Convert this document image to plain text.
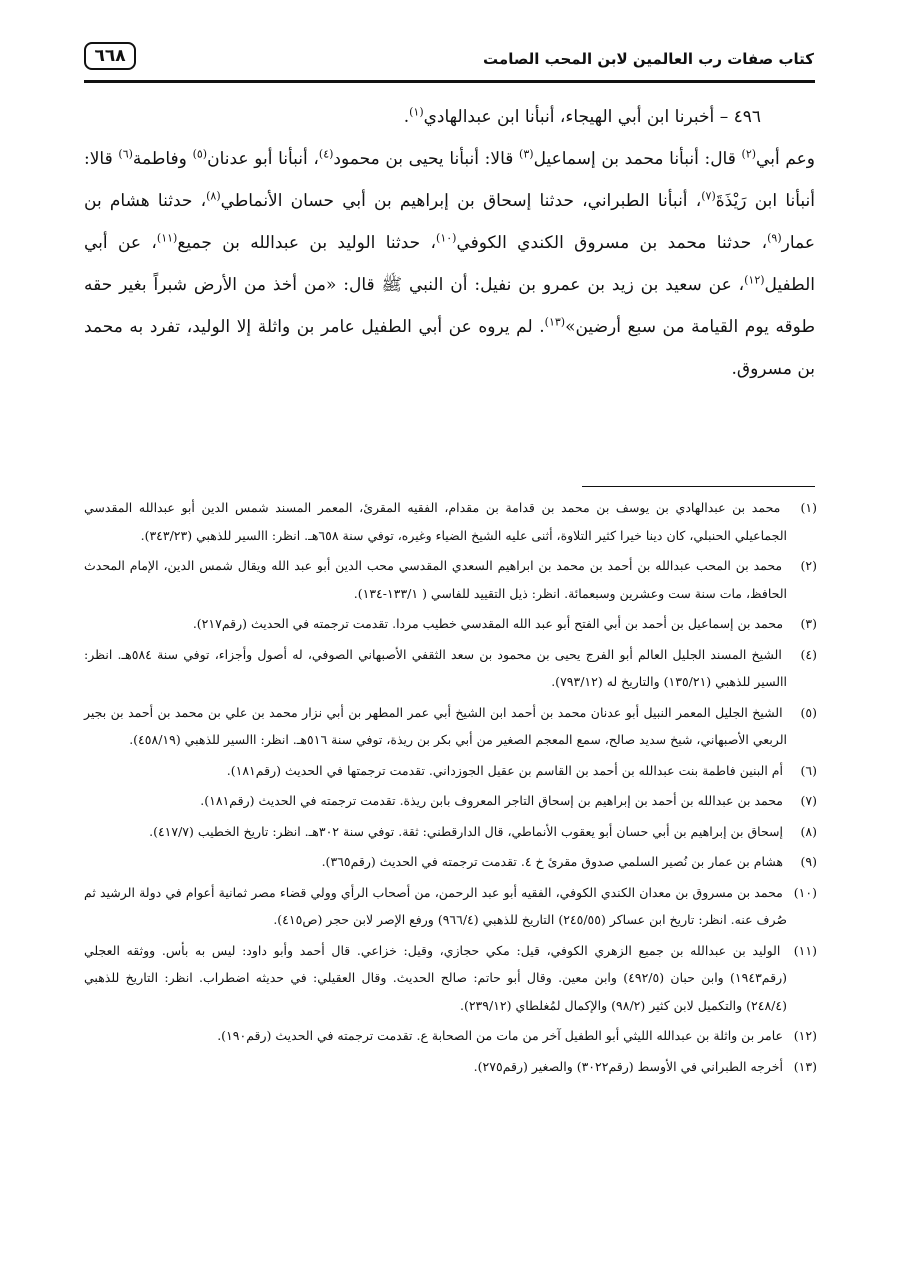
كتاب صفات رب العالمين لابن المحب الصامت
٦٦٨

٤٩٦ – أخبرنا ابن أبي الهيجاء، أنبأنا ابن عبدالهادي$^{(١)}$.

وعم أبي$^{(٢)}$ قال: أنبأنا محمد بن إسماعيل$^{(٣)}$ قالا: أنبأنا يحيى بن محمود$^{(٤)}$، أنبأنا أبو عدنان$^{(٥)}$ وفاطمة$^{(٦)}$ قالا: أنبأنا ابن رَيْذَةَ$^{(٧)}$، أنبأنا الطبراني، حدثنا إسحاق بن إبراهيم بن أبي حسان الأنماطي$^{(٨)}$، حدثنا هشام بن عمار$^{(٩)}$، حدثنا محمد بن مسروق الكندي الكوفي$^{(١٠)}$، حدثنا الوليد بن عبدالله بن جميع$^{(١١)}$، عن أبي الطفيل$^{(١٢)}$، عن سعيد بن زيد بن عمرو بن نفيل: أن النبي ﷺ قال: «من أخذ من الأرض شبراً بغير حقه طوقه يوم القيامة من سبع أرضين»$^{(١٣)}$. لم يروه عن أبي الطفيل عامر بن واثلة إلا الوليد، تفرد به محمد بن مسروق.

(١) محمد بن عبدالهادي بن يوسف بن محمد بن قدامة بن مقدام، الفقيه المقرئ، المعمر المسند شمس الدين أبو عبدالله المقدسي الجماعيلي الحنبلي، كان دينا خيرا كثير التلاوة، أثنى عليه الشيخ الضياء وغيره، توفي سنة ٦٥٨هـ. انظر: االسير للذهبي (٣٤٣/٢٣).

(٢) محمد بن المحب عبدالله بن أحمد بن محمد بن ابراهيم السعدي المقدسي محب الدين أبو عبد الله ويقال شمس الدين، الإمام المحدث الحافظ، مات سنة ست وعشرين وسبعمائة. انظر: ذيل التقييد للفاسي ( ١٣٣/١-١٣٤).

(٣) محمد بن إسماعيل بن أحمد بن أبي الفتح أبو عبد الله المقدسي خطيب مردا. تقدمت ترجمته في الحديث (رقم٢١٧).

(٤) الشيخ المسند الجليل العالم أبو الفرج يحيى بن محمود بن سعد الثقفي الأصبهاني الصوفي، له أصول وأجزاء، توفي سنة ٥٨٤هـ. انظر: االسير للذهبي (١٣٥/٢١) والتاريخ له (٧٩٣/١٢).

(٥) الشيخ الجليل المعمر النبيل أبو عدنان محمد بن أحمد ابن الشيخ أبي عمر المطهر بن أبي نزار محمد بن علي بن محمد بن أحمد بن بجير الربعي الأصبهاني، شيخ سديد صالح، سمع المعجم الصغير من أبي بكر بن ريذة، توفي سنة ٥١٦هـ. انظر: االسير للذهبي (٤٥٨/١٩).

(٦) أم البنين فاطمة بنت عبدالله بن أحمد بن القاسم بن عقيل الجوزداني. تقدمت ترجمتها في الحديث (رقم١٨١).

(٧) محمد بن عبدالله بن أحمد بن إبراهيم بن إسحاق التاجر المعروف بابن ريذة. تقدمت ترجمته في الحديث (رقم١٨١).

(٨) إسحاق بن إبراهيم بن أبي حسان أبو يعقوب الأنماطي، قال الدارقطني: ثقة. توفي سنة ٣٠٢هـ. انظر: تاريخ الخطيب (٤١٧/٧).

(٩) هشام بن عمار بن نُصير السلمي صدوق مقرئ خ ٤. تقدمت ترجمته في الحديث (رقم٣٦٥).

(١٠) محمد بن مسروق بن معدان الكندي الكوفي، الفقيه أبو عبد الرحمن، من أصحاب الرأي وولي قضاء مصر ثمانية أعوام في دولة الرشيد ثم صُرف عنه. انظر: تاريخ ابن عساكر (٢٤٥/٥٥) التاريخ للذهبي (٩٦٦/٤) ورفع الإصر لابن حجر (ص٤١٥).

(١١) الوليد بن عبدالله بن جميع الزهري الكوفي، قيل: مكي حجازي، وقيل: خزاعي. قال أحمد وأبو داود: ليس به بأس. ووثقه العجلي (رقم١٩٤٣) وابن حبان (٤٩٢/٥) وابن معين. وقال أبو حاتم: صالح الحديث. وقال العقيلي: في حديثه اضطراب. انظر: التاريخ للذهبي (٢٤٨/٤) والتكميل لابن كثير (٩٨/٢) والإكمال لمُغلطاي (٢٣٩/١٢).

(١٢) عامر بن واثلة بن عبدالله الليثي أبو الطفيل آخر من مات من الصحابة ع. تقدمت ترجمته في الحديث (رقم١٩٠).

(١٣) أخرجه الطبراني في الأوسط (رقم٣٠٢٢) والصغير (رقم٢٧٥).
